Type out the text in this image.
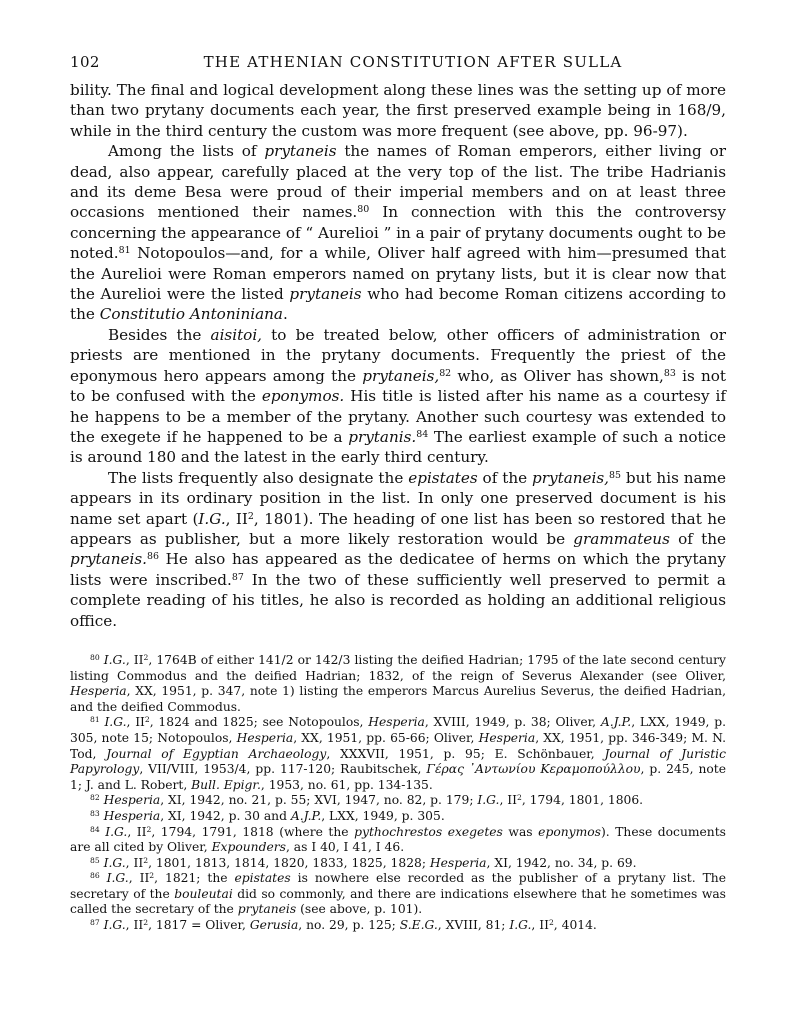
102	THE ATHENIAN CONSTITUTION AFTER SULLA

bility. The final and logical development along these lines was the setting up of more than two prytany documents each year, the first preserved example being in 168/9, while in the third century the custom was more frequent (see above, pp. 96-97).

Among the lists of prytaneis the names of Roman emperors, either living or dead, also appear, carefully placed at the very top of the list. The tribe Hadrianis and its deme Besa were proud of their imperial members and on at least three occasions mentioned their names.$^{80}$ In connection with this the controversy concerning the appearance of “ Aurelioi ” in a pair of prytany documents ought to be noted.$^{81}$ Notopoulos—and, for a while, Oliver half agreed with him—presumed that the Aurelioi were Roman emperors named on prytany lists, but it is clear now that the Aurelioi were the listed prytaneis who had become Roman citizens according to the Constitutio Antoniniana.

Besides the aisitoi, to be treated below, other officers of administration or priests are mentioned in the prytany documents. Frequently the priest of the eponymous hero appears among the prytaneis,$^{82}$ who, as Oliver has shown,$^{83}$ is not to be confused with the eponymos. His title is listed after his name as a courtesy if he happens to be a member of the prytany. Another such courtesy was extended to the exegete if he happened to be a prytanis.$^{84}$ The earliest example of such a notice is around 180 and the latest in the early third century.

The lists frequently also designate the epistates of the prytaneis,$^{85}$ but his name appears in its ordinary position in the list. In only one preserved document is his name set apart (I.G., $II^2$, 1801). The heading of one list has been so restored that he appears as publisher, but a more likely restoration would be grammateus of the prytaneis.$^{86}$ He also has appeared as the dedicatee of herms on which the prytany lists were inscribed.$^{87}$ In the two of these sufficiently well preserved to permit a complete reading of his titles, he also is recorded as holding an additional religious office.

$^{80}$ I.G., $II^2$, 1764B of either 141/2 or 142/3 listing the deified Hadrian; 1795 of the late second century listing Commodus and the deified Hadrian; 1832, of the reign of Severus Alexander (see Oliver, Hesperia, XX, 1951, p. 347, note 1) listing the emperors Marcus Aurelius Severus, the deified Hadrian, and the deified Commodus.

$^{81}$ I.G., $II^2$, 1824 and 1825; see Notopoulos, Hesperia, XVIII, 1949, p. 38; Oliver, A.J.P., LXX, 1949, p. 305, note 15; Notopoulos, Hesperia, XX, 1951, pp. 65-66; Oliver, Hesperia, XX, 1951, pp. 346-349; M. N. Tod, Journal of Egyptian Archaeology, XXXVII, 1951, p. 95; E. Schönbauer, Journal of Juristic Papyrology, VII/VIII, 1953/4, pp. 117-120; Raubitschek, Γέρας ᾿Αντωνίου Κεραμοπούλλου, p. 245, note 1; J. and L. Robert, Bull. Epigr., 1953, no. 61, pp. 134-135.

$^{82}$ Hesperia, XI, 1942, no. 21, p. 55; XVI, 1947, no. 82, p. 179; I.G., $II^2$, 1794, 1801, 1806.

$^{83}$ Hesperia, XI, 1942, p. 30 and A.J.P., LXX, 1949, p. 305.

$^{84}$ I.G., $II^2$, 1794, 1791, 1818 (where the pythochrestos exegetes was eponymos). These documents are all cited by Oliver, Expounders, as I 40, I 41, I 46.

$^{85}$ I.G., $II^2$, 1801, 1813, 1814, 1820, 1833, 1825, 1828; Hesperia, XI, 1942, no. 34, p. 69.

$^{86}$ I.G., $II^2$, 1821; the epistates is nowhere else recorded as the publisher of a prytany list. The secretary of the bouleutai did so commonly, and there are indications elsewhere that he sometimes was called the secretary of the prytaneis (see above, p. 101).

$^{87}$ I.G., $II^2$, 1817 = Oliver, Gerusia, no. 29, p. 125; S.E.G., XVIII, 81; I.G., $II^2$, 4014.
